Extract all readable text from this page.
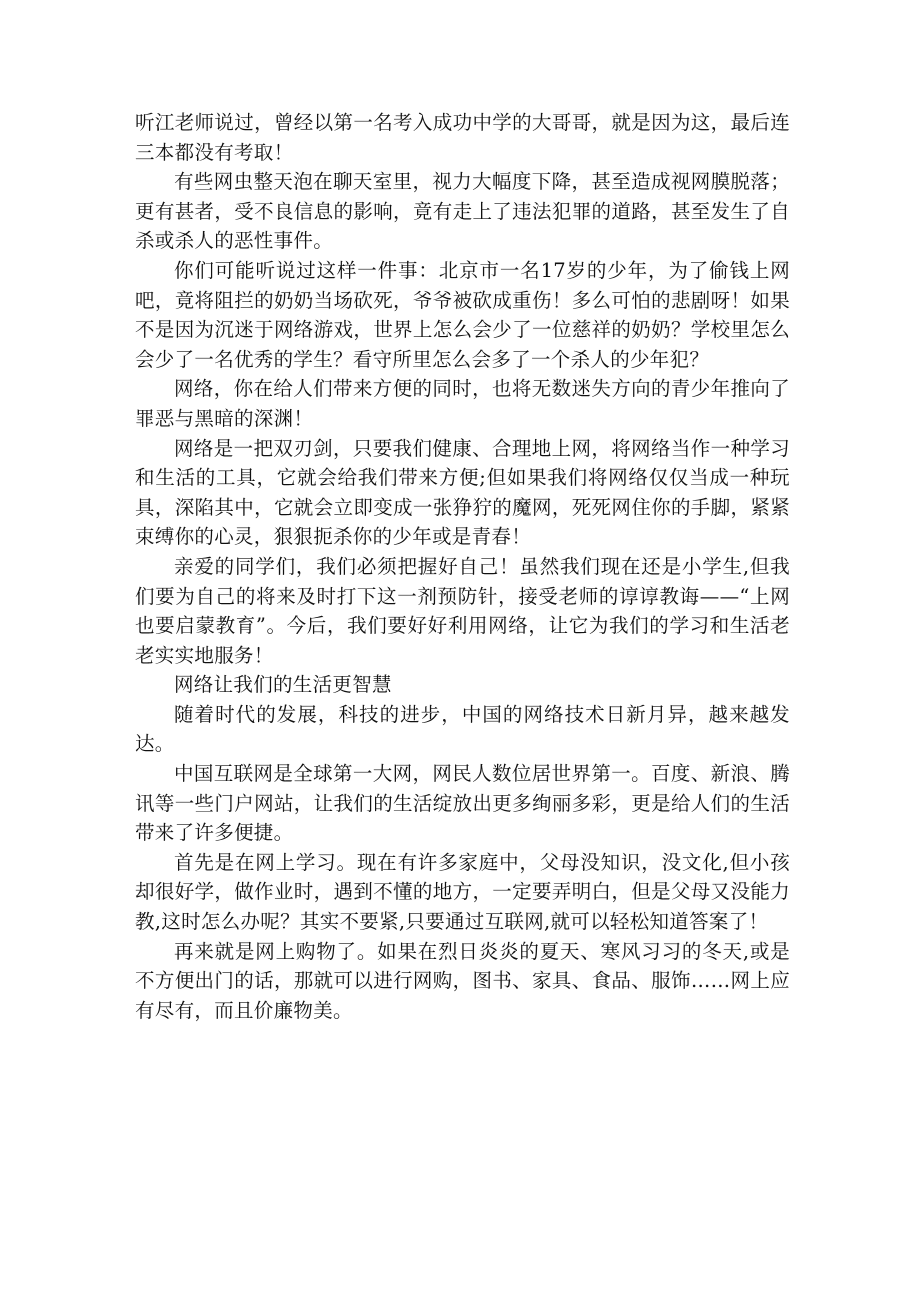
听江老师说过，曾经以第一名考入成功中学的大哥哥，就是因为这，最后连三本都没有考取！

有些网虫整天泡在聊天室里，视力大幅度下降，甚至造成视网膜脱落；更有甚者，受不良信息的影响，竟有走上了违法犯罪的道路，甚至发生了自杀或杀人的恶性事件。

你们可能听说过这样一件事：北京市一名17岁的少年，为了偷钱上网吧，竟将阻拦的奶奶当场砍死，爷爷被砍成重伤！多么可怕的悲剧呀！如果不是因为沉迷于网络游戏，世界上怎么会少了一位慈祥的奶奶？学校里怎么会少了一名优秀的学生？看守所里怎么会多了一个杀人的少年犯？

网络，你在给人们带来方便的同时，也将无数迷失方向的青少年推向了罪恶与黑暗的深渊！

网络是一把双刃剑，只要我们健康、合理地上网，将网络当作一种学习和生活的工具，它就会给我们带来方便;但如果我们将网络仅仅当成一种玩具，深陷其中，它就会立即变成一张狰狞的魔网，死死网住你的手脚，紧紧束缚你的心灵，狠狠扼杀你的少年或是青春！

亲爱的同学们，我们必须把握好自己！虽然我们现在还是小学生,但我们要为自己的将来及时打下这一剂预防针，接受老师的谆谆教诲——“上网也要启蒙教育”。今后，我们要好好利用网络，让它为我们的学习和生活老老实实地服务！

网络让我们的生活更智慧

随着时代的发展，科技的进步，中国的网络技术日新月异，越来越发达。

中国互联网是全球第一大网，网民人数位居世界第一。百度、新浪、腾讯等一些门户网站，让我们的生活绽放出更多绚丽多彩，更是给人们的生活带来了许多便捷。

首先是在网上学习。现在有许多家庭中，父母没知识，没文化,但小孩却很好学，做作业时，遇到不懂的地方，一定要弄明白，但是父母又没能力教,这时怎么办呢？其实不要紧,只要通过互联网,就可以轻松知道答案了！

再来就是网上购物了。如果在烈日炎炎的夏天、寒风习习的冬天,或是不方便出门的话，那就可以进行网购，图书、家具、食品、服饰……网上应有尽有，而且价廉物美。
